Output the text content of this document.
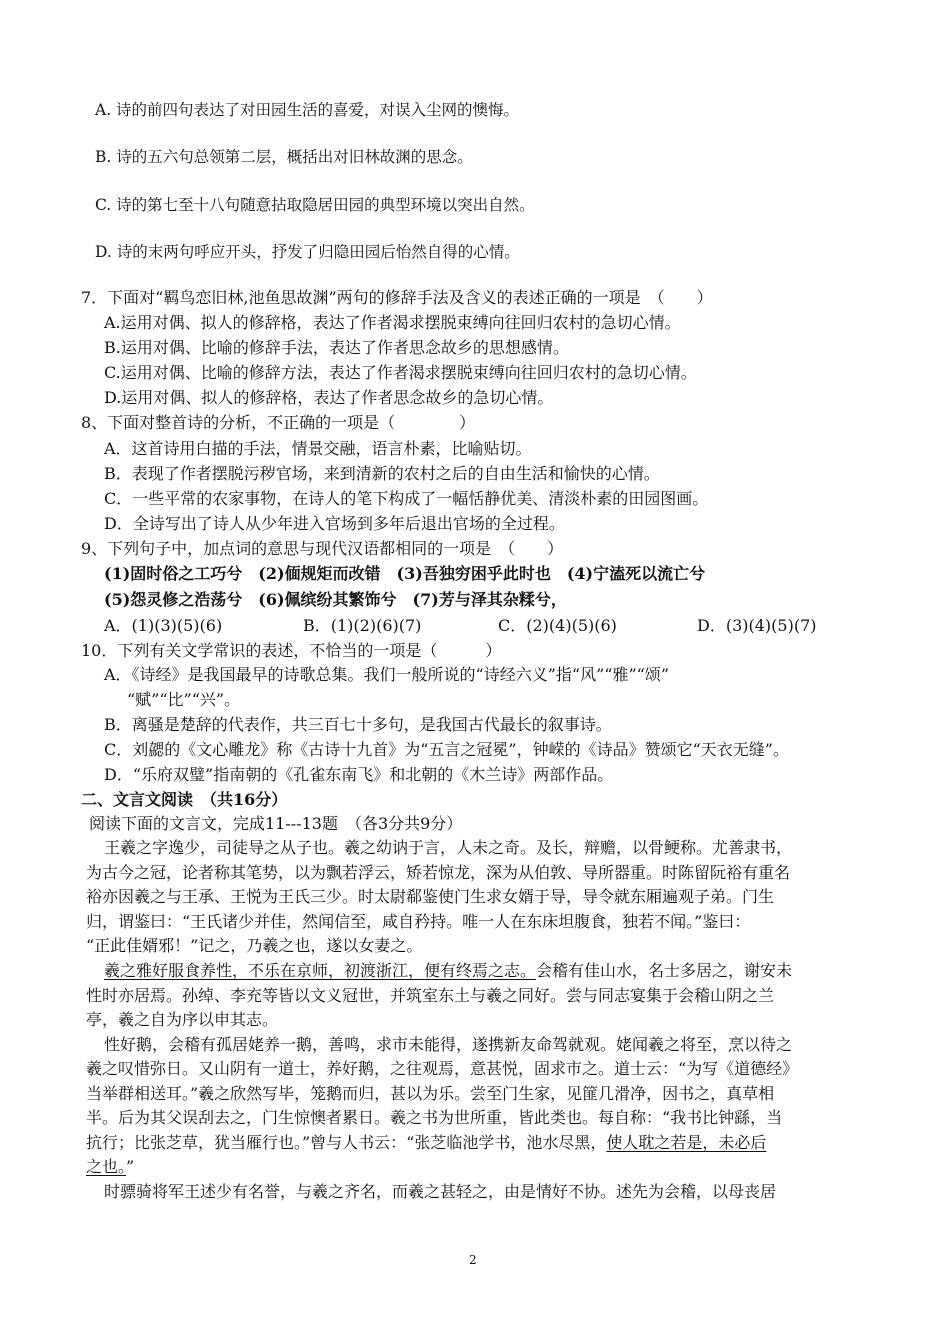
A. 诗的前四句表达了对田园生活的喜爱，对误入尘网的懊悔。
B. 诗的五六句总领第二层，概括出对旧林故渊的思念。
C. 诗的第七至十八句随意拈取隐居田园的典型环境以突出自然。
D. 诗的末两句呼应开头，抒发了归隐田园后怡然自得的心情。
7．下面对“羁鸟恋旧林,池鱼思故渊”两句的修辞手法及含义的表述正确的一项是　（　　）
A.运用对偶、拟人的修辞格，表达了作者渴求摆脱束缚向往回归农村的急切心情。
B.运用对偶、比喻的修辞手法，表达了作者思念故乡的思想感情。
C.运用对偶、比喻的修辞方法，表达了作者渴求摆脱束缚向往回归农村的急切心情。
D.运用对偶、拟人的修辞格，表达了作者思念故乡的急切心情。
8、下面对整首诗的分析，不正确的一项是（　　　　）
A．这首诗用白描的手法，情景交融，语言朴素，比喻贴切。
B．表现了作者摆脱污秽官场，来到清新的农村之后的自由生活和愉快的心情。
C．一些平常的农家事物，在诗人的笔下构成了一幅恬静优美、清淡朴素的田园图画。
D．全诗写出了诗人从少年进入官场到多年后退出官场的全过程。
9、下列句子中，加点词的意思与现代汉语都相同的一项是　（　　）
(1)固时俗之工巧兮　(2)偭规矩而改错　(3)吾独穷困乎此时也　(4)宁溘死以流亡兮
(5)怨灵修之浩荡兮　(6)佩缤纷其繁饰兮　(7)芳与泽其杂糅兮，
A．(1)(3)(5)(6)	B．(1)(2)(6)(7)	C．(2)(4)(5)(6)	D．(3)(4)(5)(7)
10．下列有关文学常识的表述，不恰当的一项是（　　　）
A．《诗经》是我国最早的诗歌总集。我们一般所说的“诗经六义”指“风”“雅”“颂”
“赋”“比”“兴”。
B．离骚是楚辞的代表作，共三百七十多句，是我国古代最长的叙事诗。
C．刘勰的《文心雕龙》称《古诗十九首》为“五言之冠冕”，钟嵘的《诗品》赞颂它“天衣无缝”。
D．“乐府双璧”指南朝的《孔雀东南飞》和北朝的《木兰诗》两部作品。
二、文言文阅读　（共16分）
阅读下面的文言文，完成11---13题　（各3分共9分）
王羲之字逸少，司徒导之从子也。羲之幼讷于言，人未之奇。及长，辩赡，以骨鲠称。尤善隶书，
为古今之冠，论者称其笔势，以为飘若浮云，矫若惊龙，深为从伯敦、导所器重。时陈留阮裕有重名
裕亦因羲之与王承、王悦为王氏三少。时太尉郗鉴使门生求女婿于导，导令就东厢遍观子弟。门生
归，谓鉴曰：“王氏诸少并佳，然闻信至，咸自矜持。唯一人在东床坦腹食，独若不闻。”鉴曰：
“正此佳婿邪！”记之，乃羲之也，遂以女妻之。
羲之雅好服食养性，不乐在京师，初渡浙江，便有终焉之志。会稽有佳山水，名士多居之，谢安未
性时亦居焉。孙绰、李充等皆以文义冠世，并筑室东土与羲之同好。尝与同志宴集于会稽山阴之兰
亭，羲之自为序以申其志。
性好鹅，会稽有孤居姥养一鹅，善鸣，求市未能得，遂携新友命驾就观。姥闻羲之将至，烹以待之
羲之叹惜弥日。又山阴有一道士，养好鹅，之往观焉，意甚悦，固求市之。道士云：“为写《道德经》
当举群相送耳。”羲之欣然写毕，笼鹅而归，甚以为乐。尝至门生家，见篚几滑净，因书之，真草相
半。后为其父误刮去之，门生惊懊者累日。羲之书为世所重，皆此类也。每自称：“我书比钟繇，当
抗行；比张芝草，犹当雁行也。”曾与人书云：“张芝临池学书，池水尽黑，使人耽之若是，未必后
之也。”
时骠骑将军王述少有名誉，与羲之齐名，而羲之甚轻之，由是情好不协。述先为会稽，以母丧居
2
